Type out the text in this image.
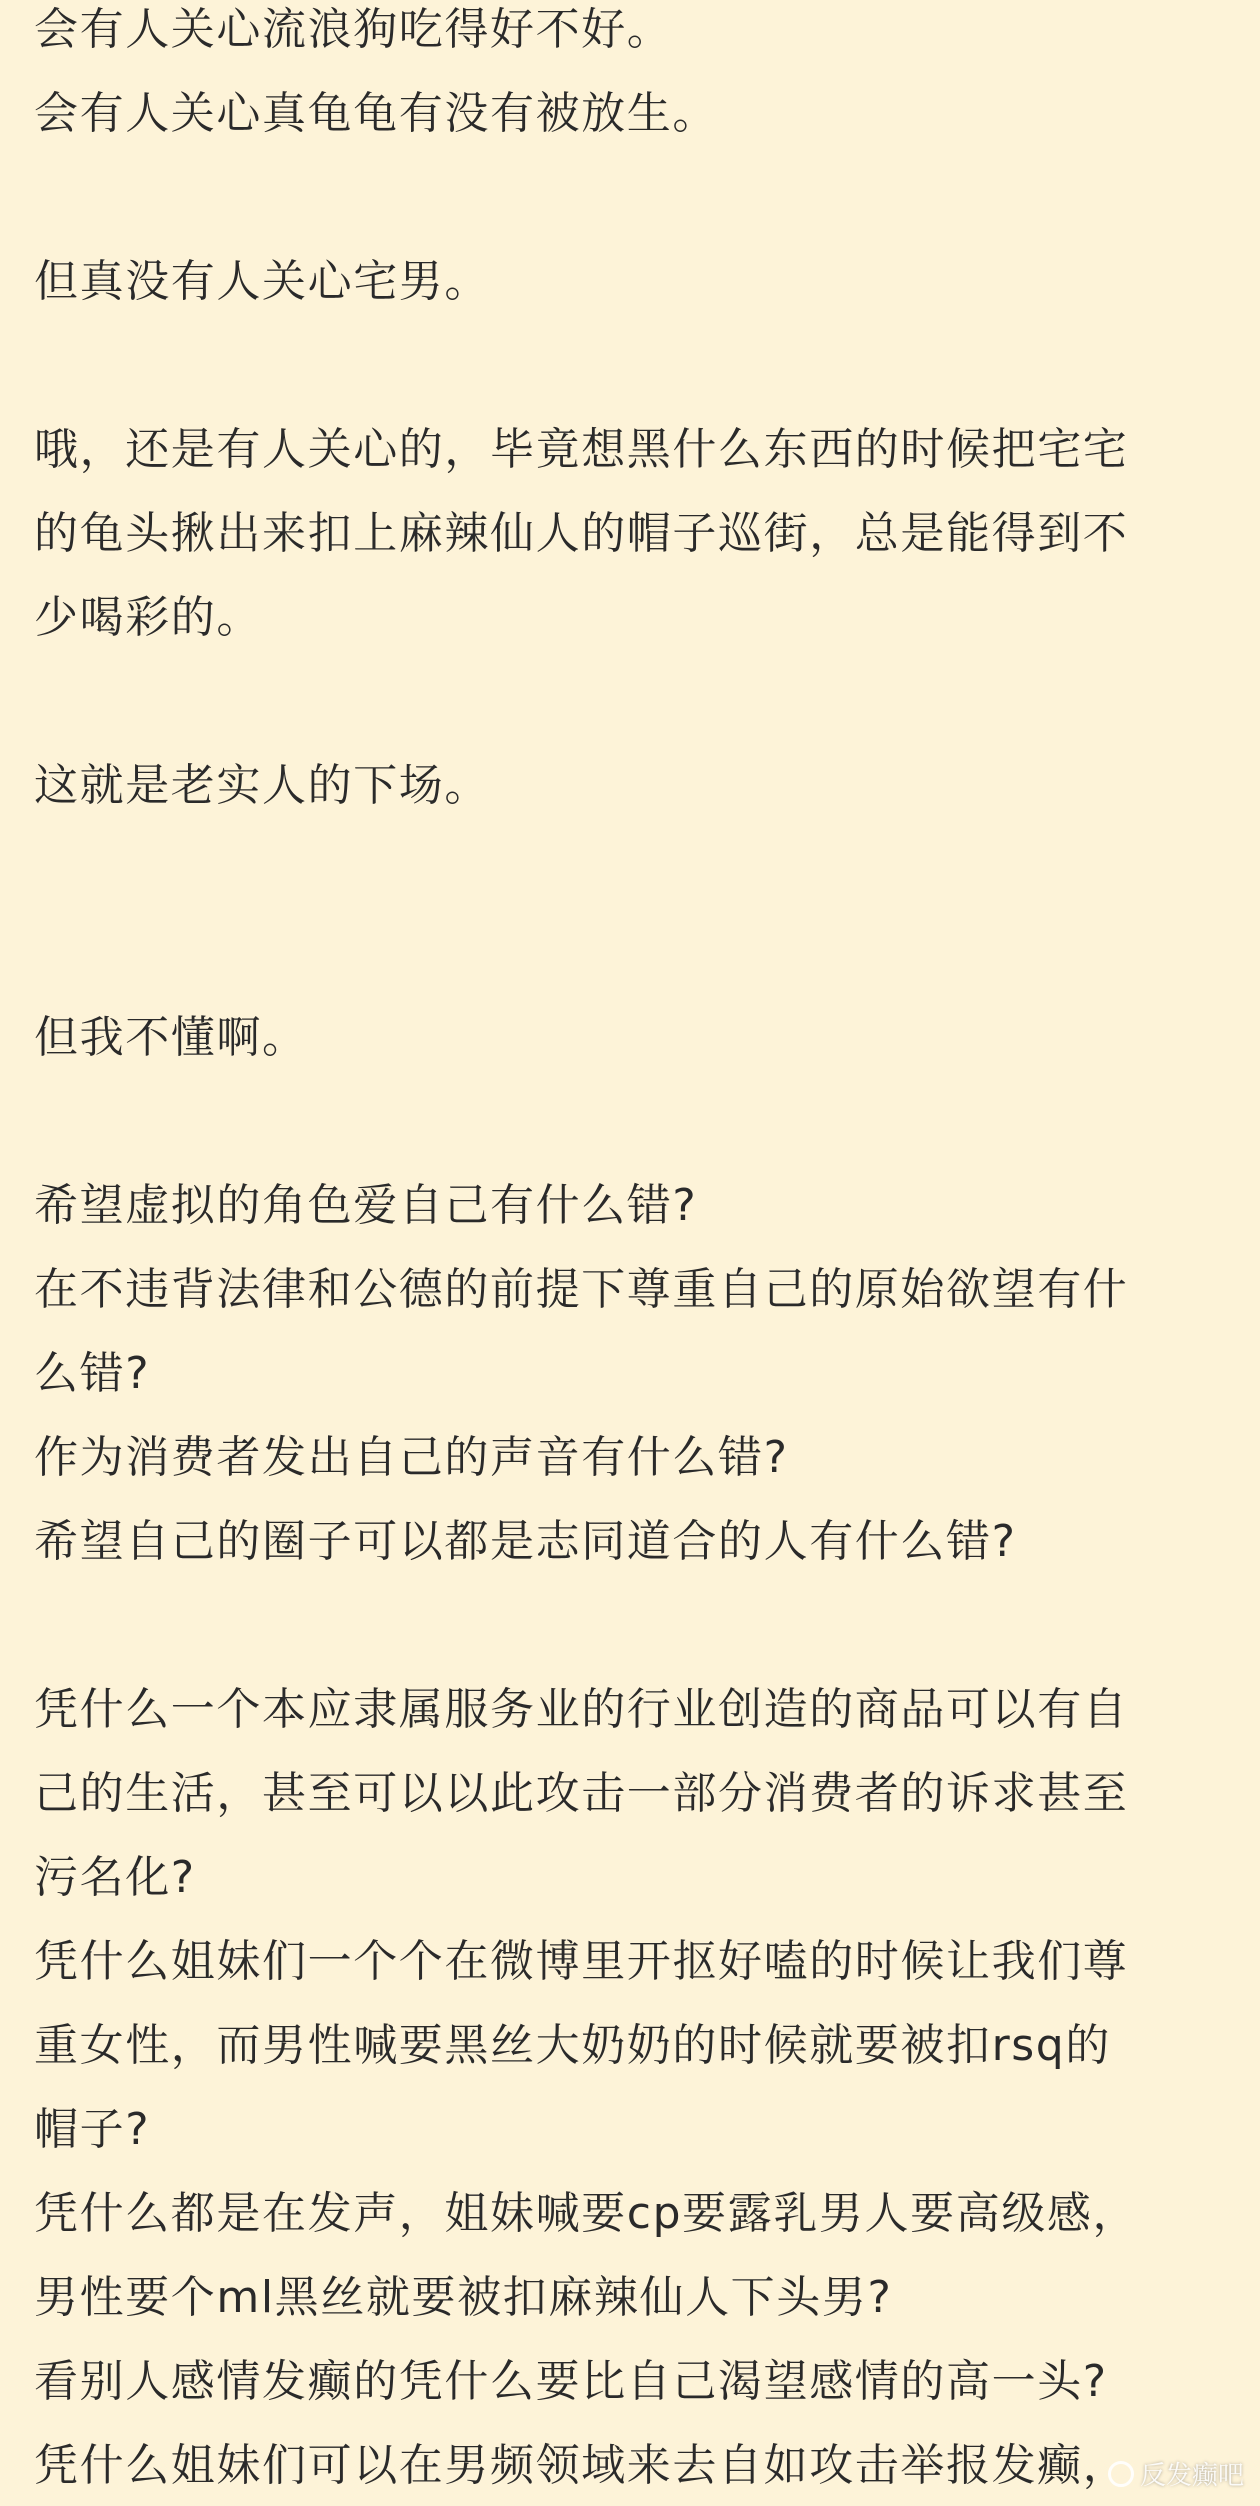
会有人关心流浪狗吃得好不好。
会有人关心真龟龟有没有被放生。
但真没有人关心宅男。
哦，还是有人关心的，毕竟想黑什么东西的时候把宅宅
的龟头揪出来扣上麻辣仙人的帽子巡街，总是能得到不
少喝彩的。
这就是老实人的下场。
但我不懂啊。
希望虚拟的角色爱自己有什么错?
在不违背法律和公德的前提下尊重自己的原始欲望有什
么错?
作为消费者发出自己的声音有什么错?
希望自己的圈子可以都是志同道合的人有什么错?
凭什么一个本应隶属服务业的行业创造的商品可以有自
己的生活，甚至可以以此攻击一部分消费者的诉求甚至
污名化?
凭什么姐妹们一个个在微博里开抠好嗑的时候让我们尊
重女性，而男性喊要黑丝大奶奶的时候就要被扣rsq的
帽子?
凭什么都是在发声，姐妹喊要cp要露乳男人要高级感，
男性要个ml黑丝就要被扣麻辣仙人下头男?
看别人感情发癫的凭什么要比自己渴望感情的高一头?
凭什么姐妹们可以在男频领域来去自如攻击举报发癫， 反发癫吧
